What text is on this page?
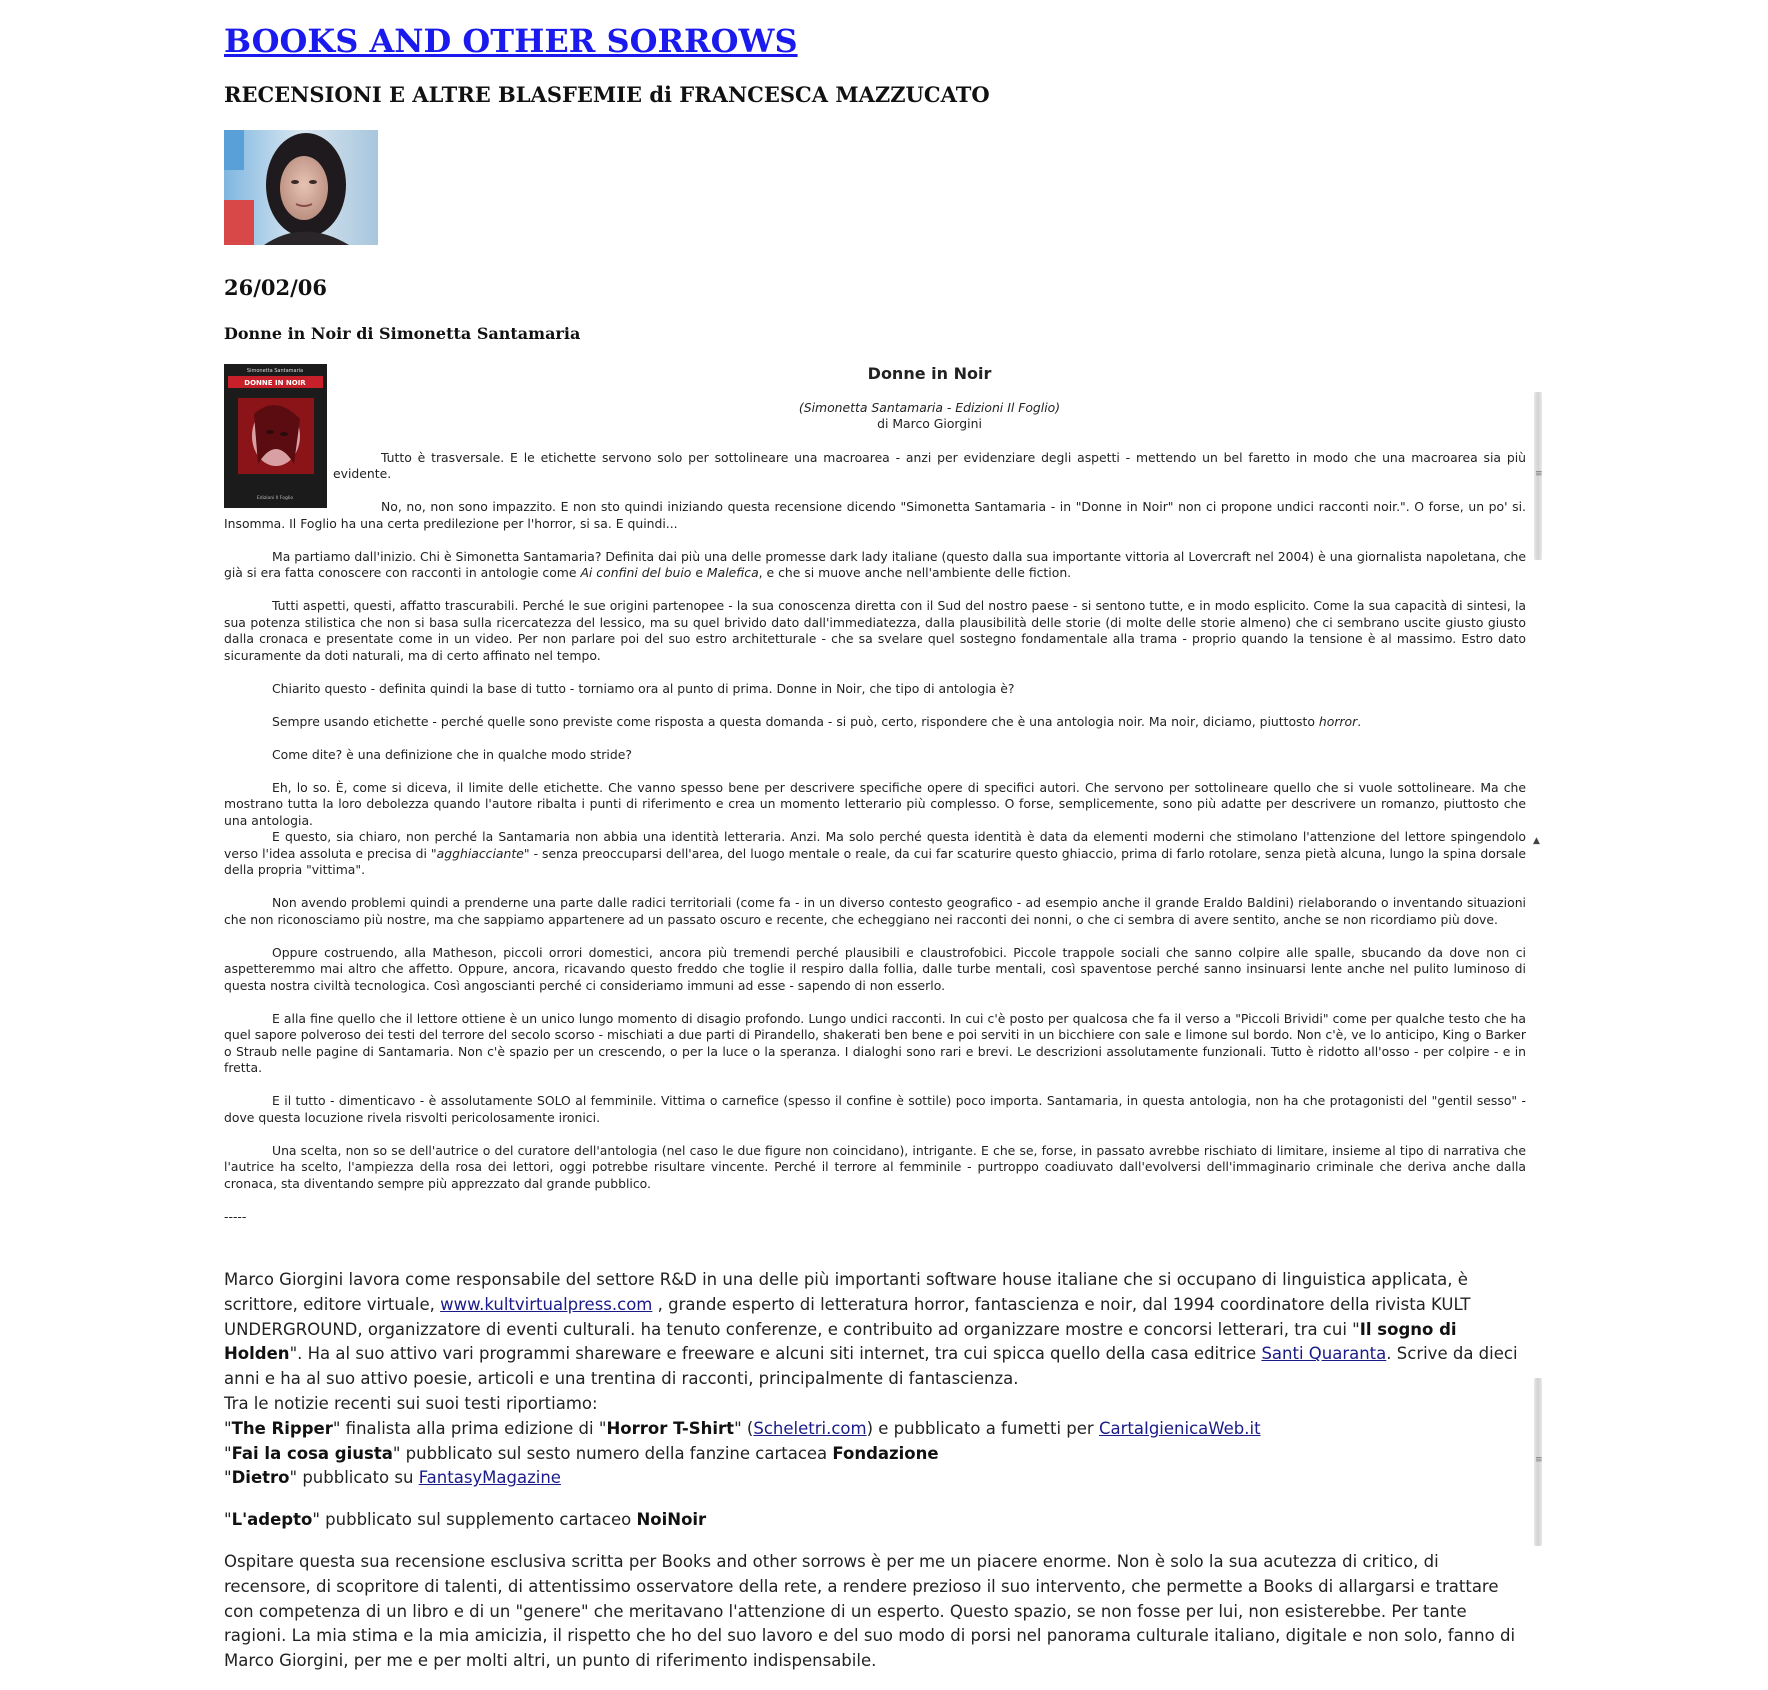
BOOKS AND OTHER SORROWS
RECENSIONI E ALTRE BLASFEMIE di FRANCESCA MAZZUCATO
26/02/06
Donne in Noir di Simonetta Santamaria
Simonetta Santamaria
DONNE IN NOIR
Edizioni Il Foglio
Donne in Noir
(Simonetta Santamaria - Edizioni Il Foglio)
di Marco Giorgini

Tutto è trasversale. E le etichette servono solo per sottolineare una macroarea - anzi per evidenziare degli aspetti - mettendo un bel faretto in modo che una macroarea sia più evidente.

No, no, non sono impazzito. E non sto quindi iniziando questa recensione dicendo "Simonetta Santamaria - in "Donne in Noir" non ci propone undici racconti noir.". O forse, un po' si. Insomma. Il Foglio ha una certa predilezione per l'horror, si sa. E quindi...

Ma partiamo dall'inizio. Chi è Simonetta Santamaria? Definita dai più una delle promesse dark lady italiane (questo dalla sua importante vittoria al Lovercraft nel 2004) è una giornalista napoletana, che già si era fatta conoscere con racconti in antologie come Ai confini del buio e Malefica, e che si muove anche nell'ambiente delle fiction.

Tutti aspetti, questi, affatto trascurabili. Perché le sue origini partenopee - la sua conoscenza diretta con il Sud del nostro paese - si sentono tutte, e in modo esplicito. Come la sua capacità di sintesi, la sua potenza stilistica che non si basa sulla ricercatezza del lessico, ma su quel brivido dato dall'immediatezza, dalla plausibilità delle storie (di molte delle storie almeno) che ci sembrano uscite giusto giusto dalla cronaca e presentate come in un video. Per non parlare poi del suo estro architetturale - che sa svelare quel sostegno fondamentale alla trama - proprio quando la tensione è al massimo. Estro dato sicuramente da doti naturali, ma di certo affinato nel tempo.

Chiarito questo - definita quindi la base di tutto - torniamo ora al punto di prima. Donne in Noir, che tipo di antologia è?

Sempre usando etichette - perché quelle sono previste come risposta a questa domanda - si può, certo, rispondere che è una antologia noir. Ma noir, diciamo, piuttosto horror.

Come dite? è una definizione che in qualche modo stride?

Eh, lo so. È, come si diceva, il limite delle etichette. Che vanno spesso bene per descrivere specifiche opere di specifici autori. Che servono per sottolineare quello che si vuole sottolineare. Ma che mostrano tutta la loro debolezza quando l'autore ribalta i punti di riferimento e crea un momento letterario più complesso. O forse, semplicemente, sono più adatte per descrivere un romanzo, piuttosto che una antologia.

E questo, sia chiaro, non perché la Santamaria non abbia una identità letteraria. Anzi. Ma solo perché questa identità è data da elementi moderni che stimolano l'attenzione del lettore spingendolo verso l'idea assoluta e precisa di "agghiacciante" - senza preoccuparsi dell'area, del luogo mentale o reale, da cui far scaturire questo ghiaccio, prima di farlo rotolare, senza pietà alcuna, lungo la spina dorsale della propria "vittima".

Non avendo problemi quindi a prenderne una parte dalle radici territoriali (come fa - in un diverso contesto geografico - ad esempio anche il grande Eraldo Baldini) rielaborando o inventando situazioni che non riconosciamo più nostre, ma che sappiamo appartenere ad un passato oscuro e recente, che echeggiano nei racconti dei nonni, o che ci sembra di avere sentito, anche se non ricordiamo più dove.

Oppure costruendo, alla Matheson, piccoli orrori domestici, ancora più tremendi perché plausibili e claustrofobici. Piccole trappole sociali che sanno colpire alle spalle, sbucando da dove non ci aspetteremmo mai altro che affetto. Oppure, ancora, ricavando questo freddo che toglie il respiro dalla follia, dalle turbe mentali, così spaventose perché sanno insinuarsi lente anche nel pulito luminoso di questa nostra civiltà tecnologica. Così angoscianti perché ci consideriamo immuni ad esse - sapendo di non esserlo.

E alla fine quello che il lettore ottiene è un unico lungo momento di disagio profondo. Lungo undici racconti. In cui c'è posto per qualcosa che fa il verso a "Piccoli Brividi" come per qualche testo che ha quel sapore polveroso dei testi del terrore del secolo scorso - mischiati a due parti di Pirandello, shakerati ben bene e poi serviti in un bicchiere con sale e limone sul bordo. Non c'è, ve lo anticipo, King o Barker o Straub nelle pagine di Santamaria. Non c'è spazio per un crescendo, o per la luce o la speranza. I dialoghi sono rari e brevi. Le descrizioni assolutamente funzionali. Tutto è ridotto all'osso - per colpire - e in fretta.

E il tutto - dimenticavo - è assolutamente SOLO al femminile. Vittima o carnefice (spesso il confine è sottile) poco importa. Santamaria, in questa antologia, non ha che protagonisti del "gentil sesso" - dove questa locuzione rivela risvolti pericolosamente ironici.

Una scelta, non so se dell'autrice o del curatore dell'antologia (nel caso le due figure non coincidano), intrigante. E che se, forse, in passato avrebbe rischiato di limitare, insieme al tipo di narrativa che l'autrice ha scelto, l'ampiezza della rosa dei lettori, oggi potrebbe risultare vincente. Perché il terrore al femminile - purtroppo coadiuvato dall'evolversi dell'immaginario criminale che deriva anche dalla cronaca, sta diventando sempre più apprezzato dal grande pubblico.

-----

Marco Giorgini lavora come responsabile del settore R&D in una delle più importanti software house italiane che si occupano di linguistica applicata, è scrittore, editore virtuale, www.kultvirtualpress.com , grande esperto di letteratura horror, fantascienza e noir, dal 1994 coordinatore della rivista KULT UNDERGROUND, organizzatore di eventi culturali. ha tenuto conferenze, e contribuito ad organizzare mostre e concorsi letterari, tra cui "Il sogno di Holden". Ha al suo attivo vari programmi shareware e freeware e alcuni siti internet, tra cui spicca quello della casa editrice Santi Quaranta. Scrive da dieci anni e ha al suo attivo poesie, articoli e una trentina di racconti, principalmente di fantascienza.

Tra le notizie recenti sui suoi testi riportiamo:

"The Ripper" finalista alla prima edizione di "Horror T-Shirt" (Scheletri.com) e pubblicato a fumetti per CartaIgienicaWeb.it

"Fai la cosa giusta" pubblicato sul sesto numero della fanzine cartacea Fondazione

"Dietro" pubblicato su FantasyMagazine

"L'adepto" pubblicato sul supplemento cartaceo NoiNoir

Ospitare questa sua recensione esclusiva scritta per Books and other sorrows è per me un piacere enorme. Non è solo la sua acutezza di critico, di recensore, di scopritore di talenti, di attentissimo osservatore della rete, a rendere prezioso il suo intervento, che permette a Books di allargarsi e trattare con competenza di un libro e di un "genere" che meritavano l'attenzione di un esperto. Questo spazio, se non fosse per lui, non esisterebbe. Per tante ragioni. La mia stima e la mia amicizia, il rispetto che ho del suo lavoro e del suo modo di porsi nel panorama culturale italiano, digitale e non solo, fanno di Marco Giorgini, per me e per molti altri, un punto di riferimento indispensabile.

≡
▲
≡
